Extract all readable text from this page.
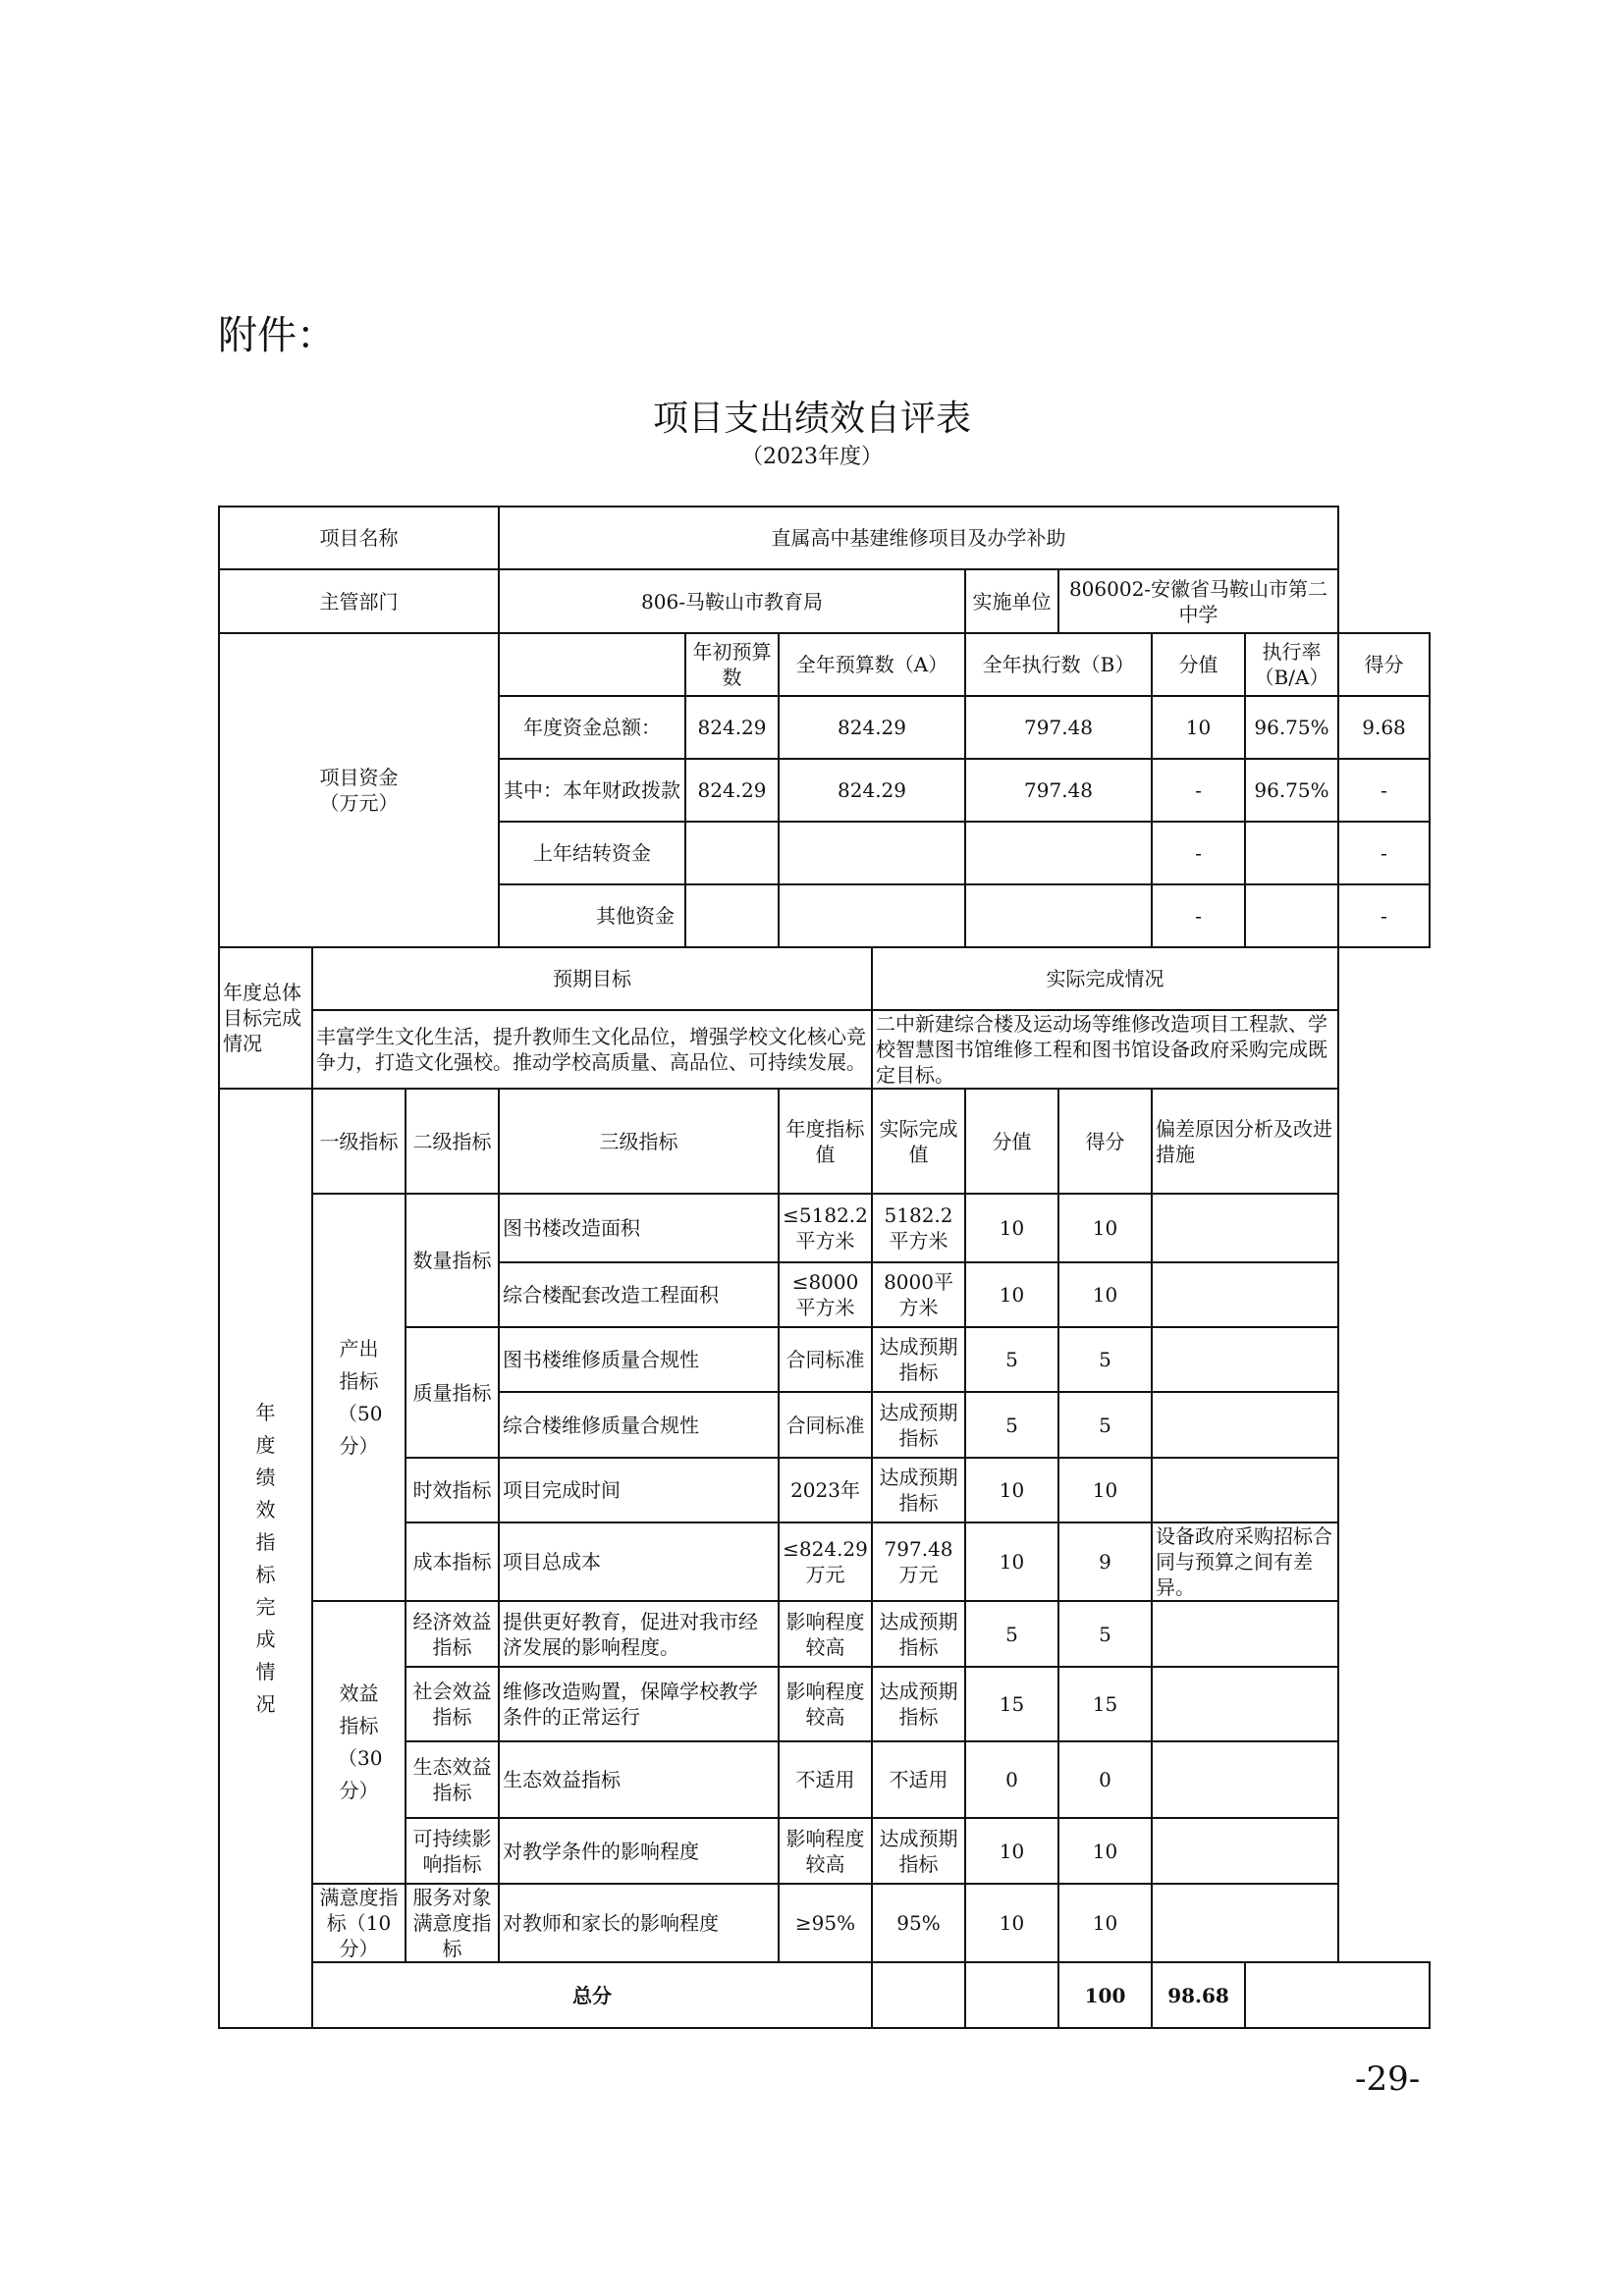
附件：
项目支出绩效自评表
（2023年度）
项目名称			直属高中基建维修项目及办学补助								
主管部门			806-马鞍山市教育局				实施单位	806002-安徽省马鞍山市第二中学			
项目资金
（万元）				年初预算数	全年预算数（A）		全年执行数（B）		分值	执行率（B/A）	得分
			年度资金总额：	824.29	824.29		797.48		10	96.75%	9.68
			其中：本年财政拨款	824.29	824.29		797.48		-	96.75%	-
			上年结转资金						-		-
			其他资金						-		-
年度总体目标完成情况	预期目标					实际完成情况					
	丰富学生文化生活，提升教师生文化品位，增强学校文化核心竞争力，打造文化强校。推动学校高质量、高品位、可持续发展。					二中新建综合楼及运动场等维修改造项目工程款、学校智慧图书馆维修工程和图书馆设备政府采购完成既定目标。					
年度绩效指标完成情况	一级指标	二级指标	三级指标		年度指标值	实际完成值	分值	得分	偏差原因分析及改进措施		
	产出指标（50分）	数量指标	图书楼改造面积		≤5182.2平方米	5182.2平方米	10	10			
			综合楼配套改造工程面积		≤8000平方米	8000平方米	10	10			
		质量指标	图书楼维修质量合规性		合同标准	达成预期指标	5	5			
			综合楼维修质量合规性		合同标准	达成预期指标	5	5			
		时效指标	项目完成时间		2023年	达成预期指标	10	10			
		成本指标	项目总成本		≤824.29万元	797.48万元	10	9	设备政府采购招标合同与预算之间有差异。		
	效益指标（30分）	经济效益指标	提供更好教育，促进对我市经济发展的影响程度。		影响程度较高	达成预期指标	5	5			
		社会效益指标	维修改造购置，保障学校教学条件的正常运行		影响程度较高	达成预期指标	15	15			
		生态效益指标	生态效益指标		不适用	不适用	0	0			
		可持续影响指标	对教学条件的影响程度		影响程度较高	达成预期指标	10	10			
	满意度指标（10分）	服务对象满意度指标	对教师和家长的影响程度		≥95%	95%	10	10			
	总分							100	98.68		
-29-
